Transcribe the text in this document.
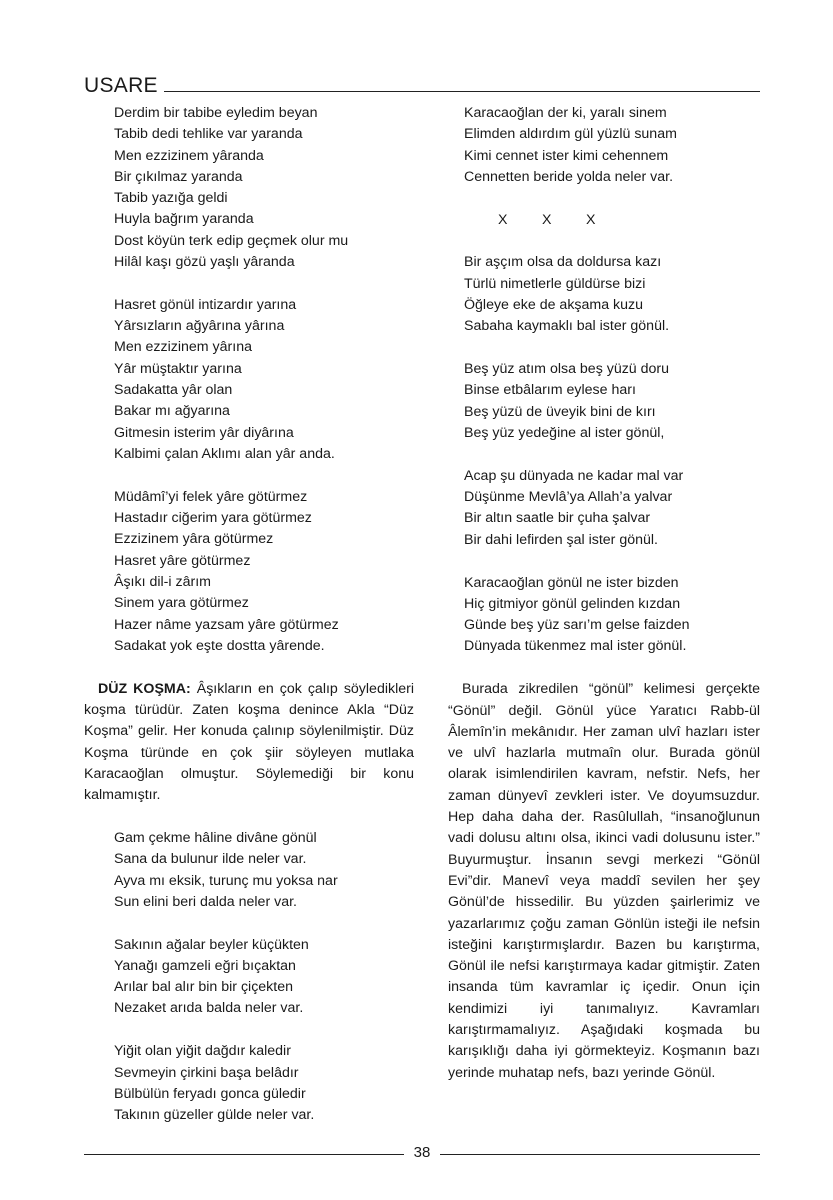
USARE
Derdim bir tabibe eyledim beyan
Tabib dedi tehlike var yaranda
Men ezzizinem yâranda
Bir çıkılmaz yaranda
Tabib yazığa geldi
Huyla bağrım yaranda
Dost köyün terk edip geçmek olur mu
Hilâl kaşı gözü yaşlı yâranda
Hasret gönül intizardır yarına
Yârsızların ağyârına yârına
Men ezzizinem yârına
Yâr müştaktır yarına
Sadakatta yâr olan
Bakar mı ağyarına
Gitmesin isterim yâr diyârına
Kalbimi çalan Aklımı alan yâr anda.
Müdâmî’yi felek yâre götürmez
Hastadır ciğerim yara götürmez
Ezzizinem yâra götürmez
Hasret yâre götürmez
Âşıkı dil-i zârım
Sinem yara götürmez
Hazer nâme yazsam yâre götürmez
Sadakat yok eşte dostta yârende.

DÜZ KOŞMA: Âşıkların en çok çalıp söyledikleri koşma türüdür. Zaten koşma denince Akla “Düz Koşma” gelir. Her konuda çalınıp söylenilmiştir. Düz Koşma türünde en çok şiir söyleyen mutlaka Karacaoğlan olmuştur. Söylemediği bir konu kalmamıştır.

Gam çekme hâline divâne gönül
Sana da bulunur ilde neler var.
Ayva mı eksik, turunç mu yoksa nar
Sun elini beri dalda neler var.
Sakının ağalar beyler küçükten
Yanağı gamzeli eğri bıçaktan
Arılar bal alır bin bir çiçekten
Nezaket arıda balda neler var.
Yiğit olan yiğit dağdır kaledir
Sevmeyin çirkini başa belâdır
Bülbülün feryadı gonca güledir
Takının güzeller gülde neler var.
Karacaoğlan der ki, yaralı sinem
Elimden aldırdım gül yüzlü sunam
Kimi cennet ister kimi cehennem
Cennetten beride yolda neler var.
X X X
Bir aşçım olsa da doldursa kazı
Türlü nimetlerle güldürse bizi
Öğleye eke de akşama kuzu
Sabaha kaymaklı bal ister gönül.
Beş yüz atım olsa beş yüzü doru
Binse etbâlarım eylese harı
Beş yüzü de üveyik bini de kırı
Beş yüz yedeğine al ister gönül,
Acap şu dünyada ne kadar mal var
Düşünme Mevlâ’ya Allah’a yalvar
Bir altın saatle bir çuha şalvar
Bir dahi lefirden şal ister gönül.
Karacaoğlan gönül ne ister bizden
Hiç gitmiyor gönül gelinden kızdan
Günde beş yüz sarı’m gelse faizden
Dünyada tükenmez mal ister gönül.

Burada zikredilen “gönül” kelimesi gerçekte “Gönül” değil. Gönül yüce Yaratıcı Rabb-ül Âlemîn’in mekânıdır. Her zaman ulvî hazları ister ve ulvî hazlarla mutmaîn olur. Burada gönül olarak isimlendirilen kavram, nefstir. Nefs, her zaman dünyevî zevkleri ister. Ve doyumsuzdur. Hep daha daha der. Rasûlullah, “insanoğlunun vadi dolusu altını olsa, ikinci vadi dolusunu ister.” Buyurmuştur. İnsanın sevgi merkezi “Gönül Evi”dir. Manevî veya maddî sevilen her şey Gönül’de hissedilir. Bu yüzden şairlerimiz ve yazarlarımız çoğu zaman Gönlün isteği ile nefsin isteğini karıştırmışlardır. Bazen bu karıştırma, Gönül ile nefsi karıştırmaya kadar gitmiştir. Zaten insanda tüm kavramlar iç içedir. Onun için kendimizi iyi tanımalıyız. Kavramları karıştırmamalıyız. Aşağıdaki koşmada bu karışıklığı daha iyi görmekteyiz. Koşmanın bazı yerinde muhatap nefs, bazı yerinde Gönül.

38
